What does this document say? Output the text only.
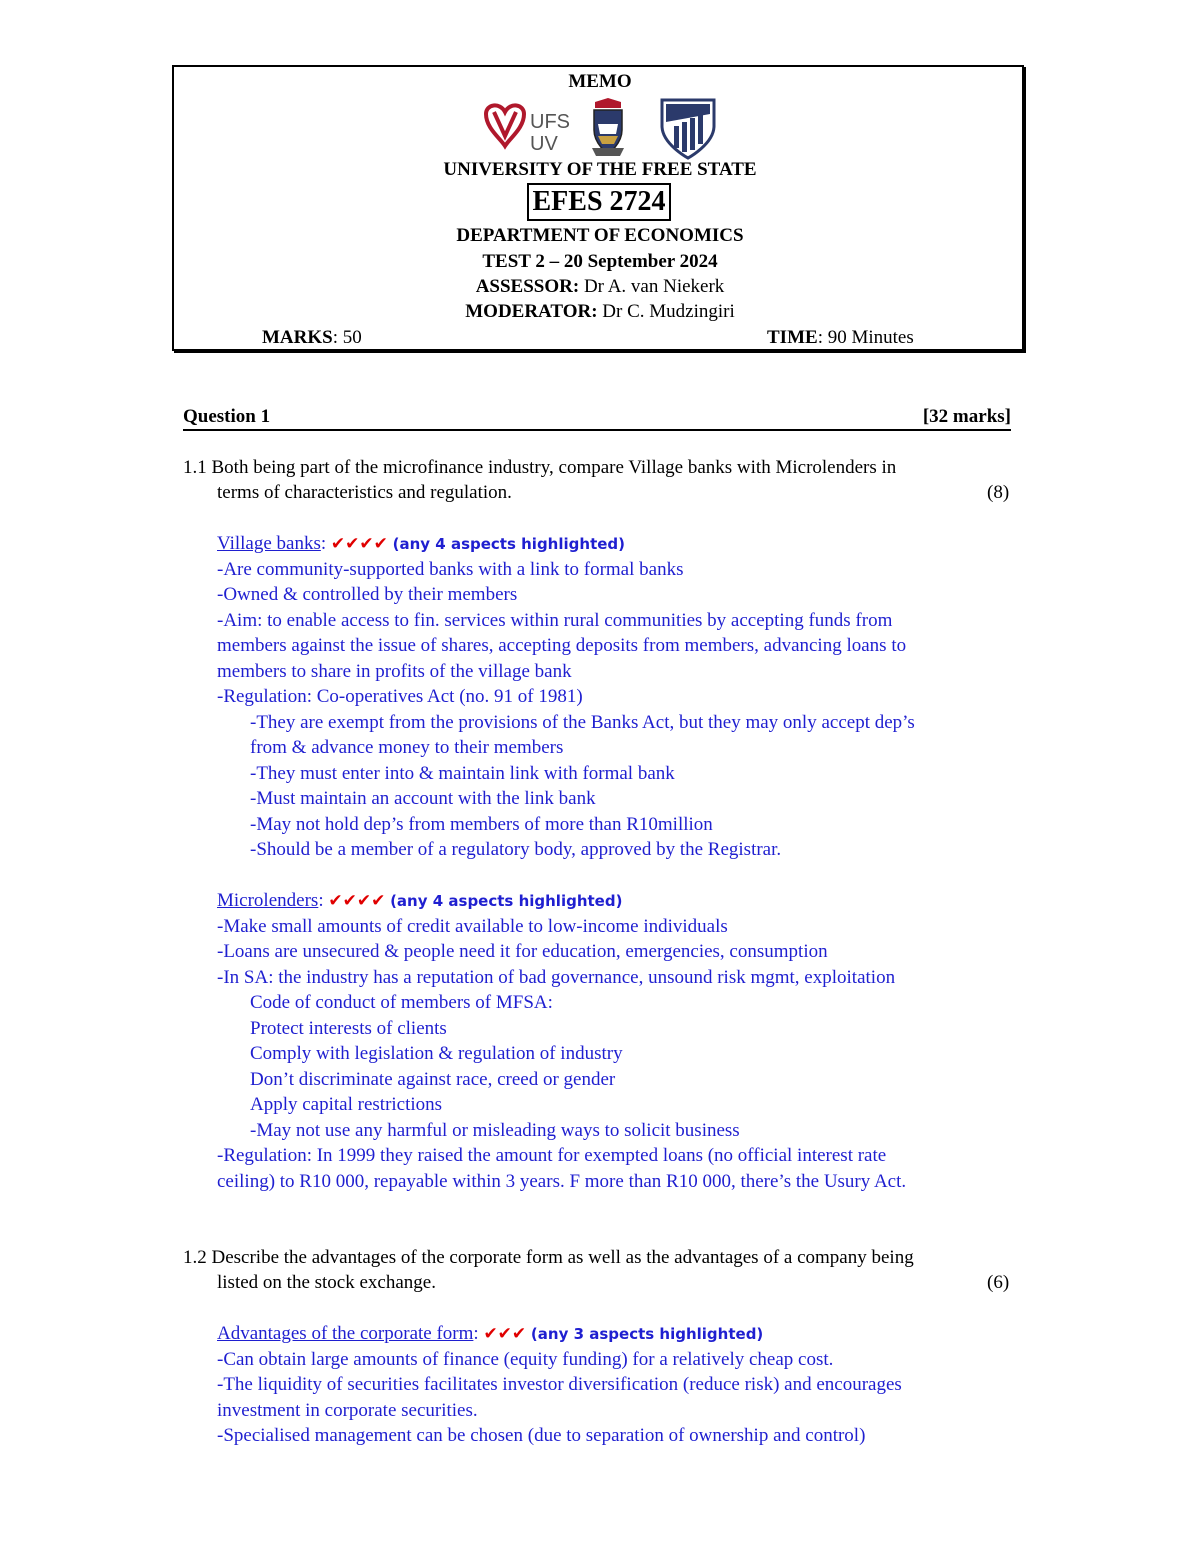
MEMO
UFS
UV
UNIVERSITY OF THE FREE STATE
EFES 2724
DEPARTMENT OF ECONOMICS
TEST 2 – 20 September 2024
ASSESSOR: Dr A. van Niekerk
MODERATOR: Dr C. Mudzingiri
MARKS: 50	TIME: 90 Minutes
Question 1	[32 marks]
1.1 Both being part of the microfinance industry, compare Village banks with Microlenders in
terms of characteristics and regulation.	(8)
Village banks: ✔✔✔✔ (any 4 aspects highlighted)
-Are community-supported banks with a link to formal banks
-Owned & controlled by their members
-Aim: to enable access to fin. services within rural communities by accepting funds from
members against the issue of shares, accepting deposits from members, advancing loans to
members to share in profits of the village bank
-Regulation: Co-operatives Act (no. 91 of 1981)
-They are exempt from the provisions of the Banks Act, but they may only accept dep’s
from & advance money to their members
-They must enter into & maintain link with formal bank
-Must maintain an account with the link bank
-May not hold dep’s from members of more than R10million
-Should be a member of a regulatory body, approved by the Registrar.
Microlenders: ✔✔✔✔ (any 4 aspects highlighted)
-Make small amounts of credit available to low-income individuals
-Loans are unsecured & people need it for education, emergencies, consumption
-In SA: the industry has a reputation of bad governance, unsound risk mgmt, exploitation
Code of conduct of members of MFSA:
Protect interests of clients
Comply with legislation & regulation of industry
Don’t discriminate against race, creed or gender
Apply capital restrictions
-May not use any harmful or misleading ways to solicit business
-Regulation: In 1999 they raised the amount for exempted loans (no official interest rate
ceiling) to R10 000, repayable within 3 years. F more than R10 000, there’s the Usury Act.
1.2 Describe the advantages of the corporate form as well as the advantages of a company being
listed on the stock exchange.	(6)
Advantages of the corporate form: ✔✔✔ (any 3 aspects highlighted)
-Can obtain large amounts of finance (equity funding) for a relatively cheap cost.
-The liquidity of securities facilitates investor diversification (reduce risk) and encourages
investment in corporate securities.
-Specialised management can be chosen (due to separation of ownership and control)
